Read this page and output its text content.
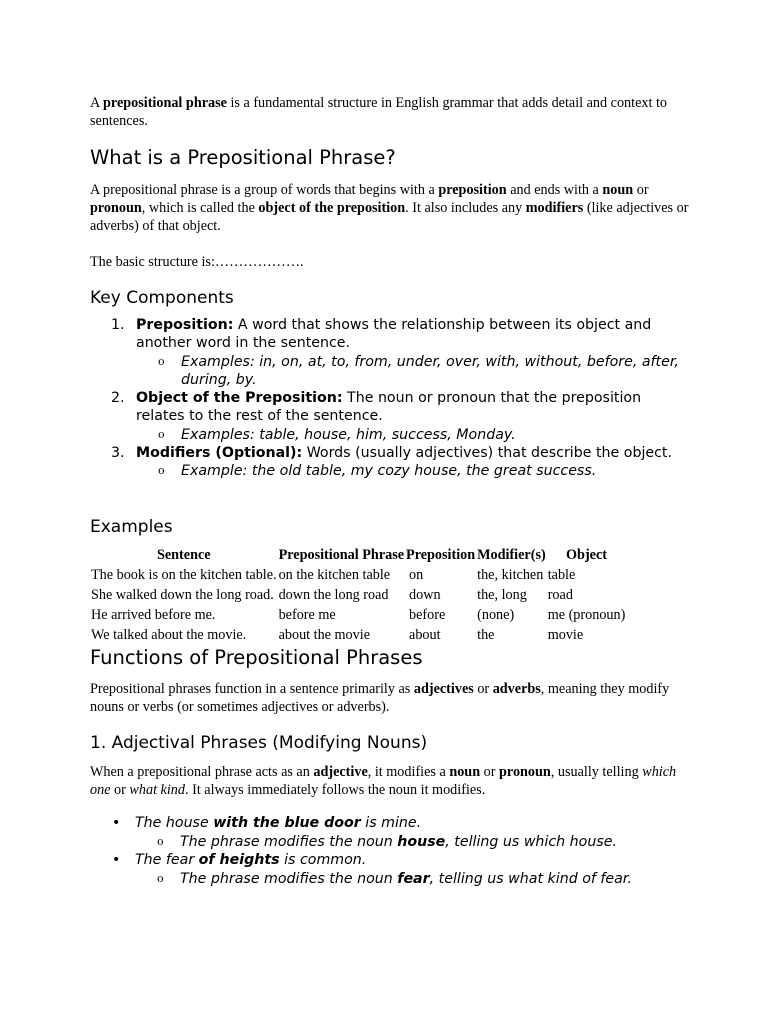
A prepositional phrase is a fundamental structure in English grammar that adds detail and context to sentences.

What is a Prepositional Phrase?

A prepositional phrase is a group of words that begins with a preposition and ends with a noun or pronoun, which is called the object of the preposition. It also includes any modifiers (like adjectives or adverbs) of that object.

The basic structure is:……………….

Key Components
1. Preposition: A word that shows the relationship between its object and another word in the sentence.
o Examples: in, on, at, to, from, under, over, with, without, before, after, during, by.
2. Object of the Preposition: The noun or pronoun that the preposition relates to the rest of the sentence.
o Examples: table, house, him, success, Monday.
3. Modifiers (Optional): Words (usually adjectives) that describe the object.
o Example: the old table, my cozy house, the great success.
Examples
Sentence	Prepositional Phrase	Preposition	Modifier(s)	Object
The book is on the kitchen table.	on the kitchen table	on	the, kitchen	table
She walked down the long road.	down the long road	down	the, long	road
He arrived before me.	before me	before	(none)	me (pronoun)
We talked about the movie.	about the movie	about	the	movie
Functions of Prepositional Phrases

Prepositional phrases function in a sentence primarily as adjectives or adverbs, meaning they modify nouns or verbs (or sometimes adjectives or adverbs).

1. Adjectival Phrases (Modifying Nouns)

When a prepositional phrase acts as an adjective, it modifies a noun or pronoun, usually telling which one or what kind. It always immediately follows the noun it modifies.

• The house with the blue door is mine.
o The phrase modifies the noun house, telling us which house.
• The fear of heights is common.
o The phrase modifies the noun fear, telling us what kind of fear.
